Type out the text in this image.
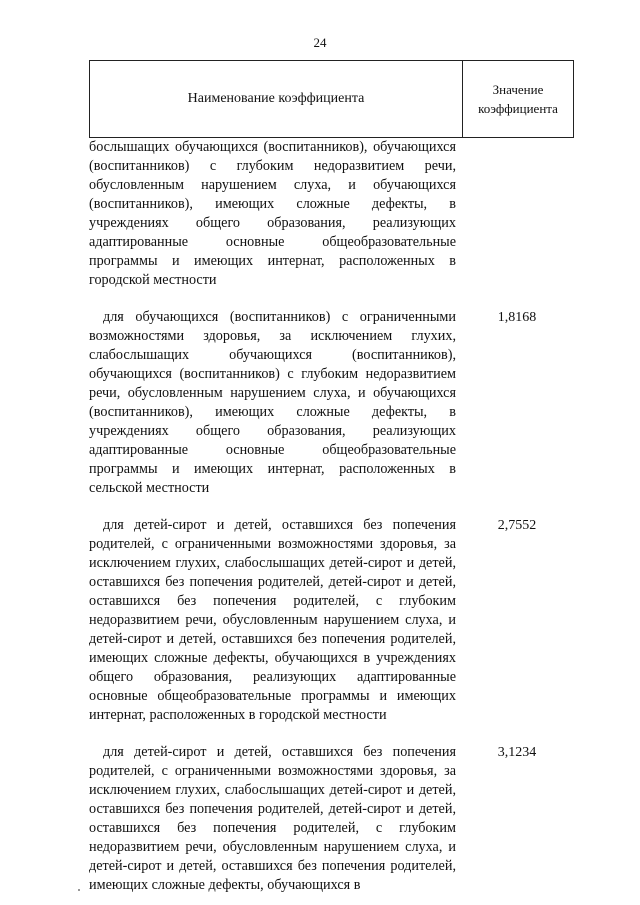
24
Наименование коэффициента
Значение коэффициента
бослышащих обучающихся (воспитанников), обучающихся (воспитанников) с глубоким недоразвитием речи, обусловленным нарушением слуха, и обучающихся (воспитанников), имеющих сложные дефекты, в учреждениях общего образования, реализующих адаптированные основные общеобразовательные программы и имеющих интернат, расположенных в городской местности
для обучающихся (воспитанников) с ограниченными возможностями здоровья, за исключением глухих, слабослышащих обучающихся (воспитанников), обучающихся (воспитанников) с глубоким недоразвитием речи, обусловленным нарушением слуха, и обучающихся (воспитанников), имеющих сложные дефекты, в учреждениях общего образования, реализующих адаптированные основные общеобразовательные программы и имеющих интернат, расположенных в сельской местности
1,8168
для детей-сирот и детей, оставшихся без попечения родителей, с ограниченными возможностями здоровья, за исключением глухих, слабослышащих детей-сирот и детей, оставшихся без попечения родителей, детей-сирот и детей, оставшихся без попечения родителей, с глубоким недоразвитием речи, обусловленным нарушением слуха, и детей-сирот и детей, оставшихся без попечения родителей, имеющих сложные дефекты, обучающихся в учреждениях общего образования, реализующих адаптированные основные общеобразовательные программы и имеющих интернат, расположенных в городской местности
2,7552
для детей-сирот и детей, оставшихся без попечения родителей, с ограниченными возможностями здоровья, за исключением глухих, слабослышащих детей-сирот и детей, оставшихся без попечения родителей, детей-сирот и детей, оставшихся без попечения родителей, с глубоким недоразвитием речи, обусловленным нарушением слуха, и детей-сирот и детей, оставшихся без попечения родителей, имеющих сложные дефекты, обучающихся в
3,1234
